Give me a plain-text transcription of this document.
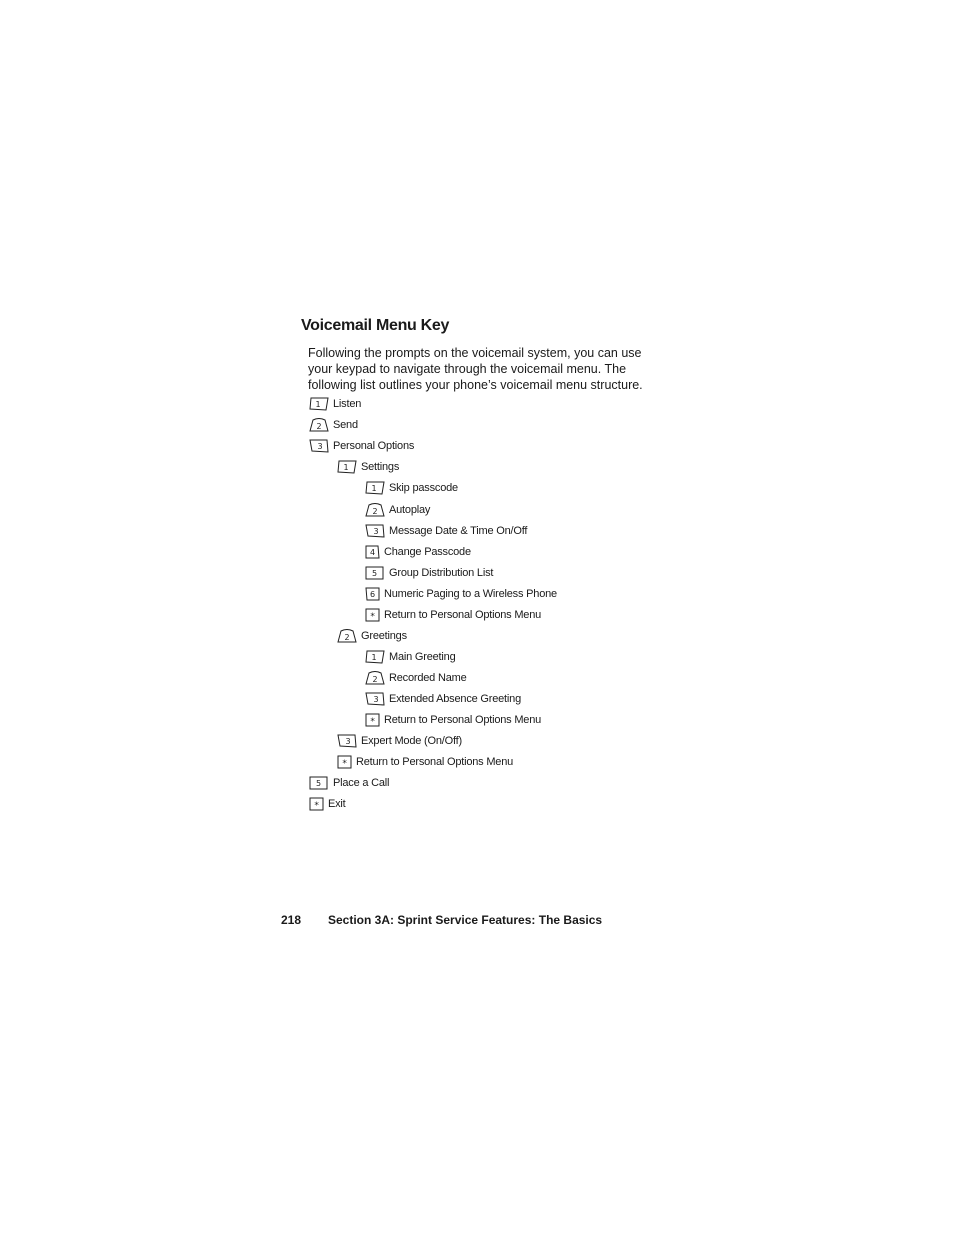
Voicemail Menu Key

Following the prompts on the voicemail system, you can use your keypad to navigate through the voicemail menu. The following list outlines your phone’s voicemail menu structure.

1 Listen
2 Send
3 Personal Options
1 Settings
1 Skip passcode
2 Autoplay
3 Message Date & Time On/Off
4 Change Passcode
5 Group Distribution List
6 Numeric Paging to a Wireless Phone
* Return to Personal Options Menu
2 Greetings
1 Main Greeting
2 Recorded Name
3 Extended Absence Greeting
* Return to Personal Options Menu
3 Expert Mode (On/Off)
* Return to Personal Options Menu
5 Place a Call
* Exit
218 Section 3A: Sprint Service Features: The Basics
